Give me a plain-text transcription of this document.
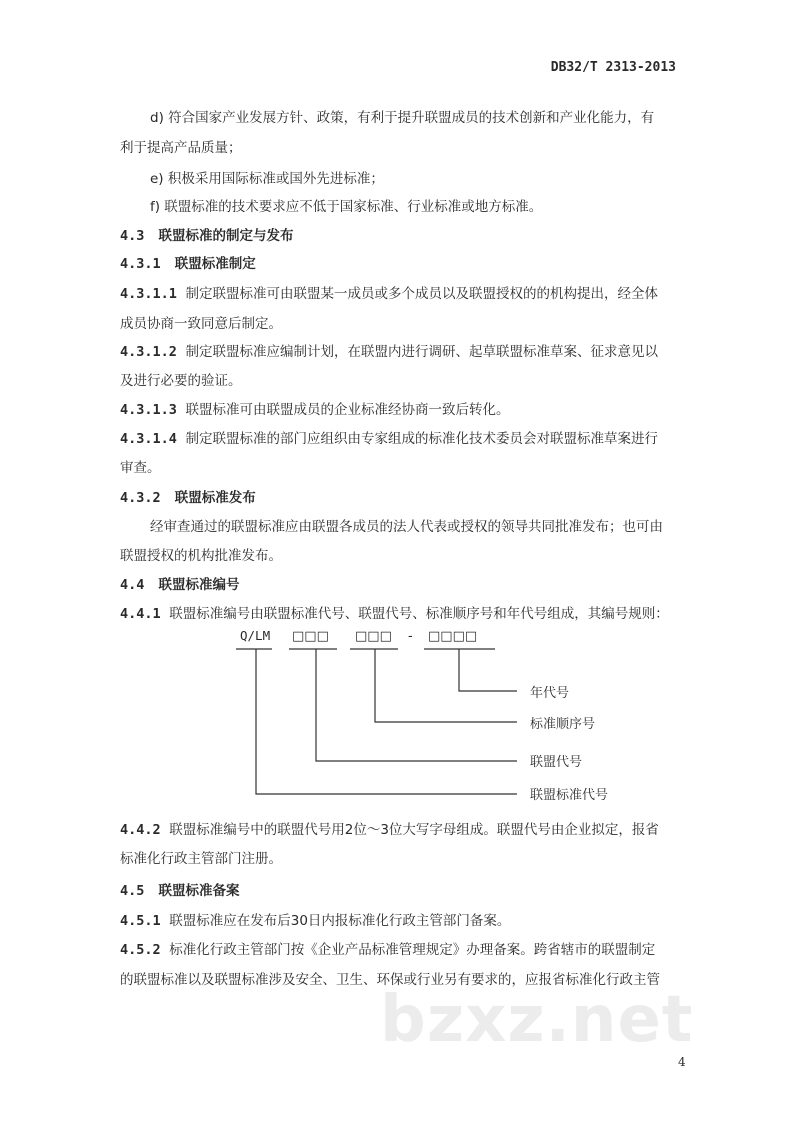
DB32/T 2313-2013
d) 符合国家产业发展方针、政策，有利于提升联盟成员的技术创新和产业化能力，有
利于提高产品质量；
e) 积极采用国际标准或国外先进标准；
f) 联盟标准的技术要求应不低于国家标准、行业标准或地方标准。
4.3 联盟标准的制定与发布
4.3.1 联盟标准制定
4.3.1.1 制定联盟标准可由联盟某一成员或多个成员以及联盟授权的的机构提出，经全体
成员协商一致同意后制定。
4.3.1.2 制定联盟标准应编制计划，在联盟内进行调研、起草联盟标准草案、征求意见以
及进行必要的验证。
4.3.1.3 联盟标准可由联盟成员的企业标准经协商一致后转化。
4.3.1.4 制定联盟标准的部门应组织由专家组成的标准化技术委员会对联盟标准草案进行
审查。
4.3.2 联盟标准发布
经审查通过的联盟标准应由联盟各成员的法人代表或授权的领导共同批准发布；也可由
联盟授权的机构批准发布。
4.4 联盟标准编号
4.4.1 联盟标准编号由联盟标准代号、联盟代号、标准顺序号和年代号组成，其编号规则：
Q/LM □□□ □□□ - □□□□
年代号
标准顺序号
联盟代号
联盟标准代号
4.4.2 联盟标准编号中的联盟代号用2位～3位大写字母组成。联盟代号由企业拟定，报省
标准化行政主管部门注册。
4.5 联盟标准备案
4.5.1 联盟标准应在发布后30日内报标准化行政主管部门备案。
4.5.2 标准化行政主管部门按《企业产品标准管理规定》办理备案。跨省辖市的联盟制定
的联盟标准以及联盟标准涉及安全、卫生、环保或行业另有要求的，应报省标准化行政主管
bzxz.net
4
